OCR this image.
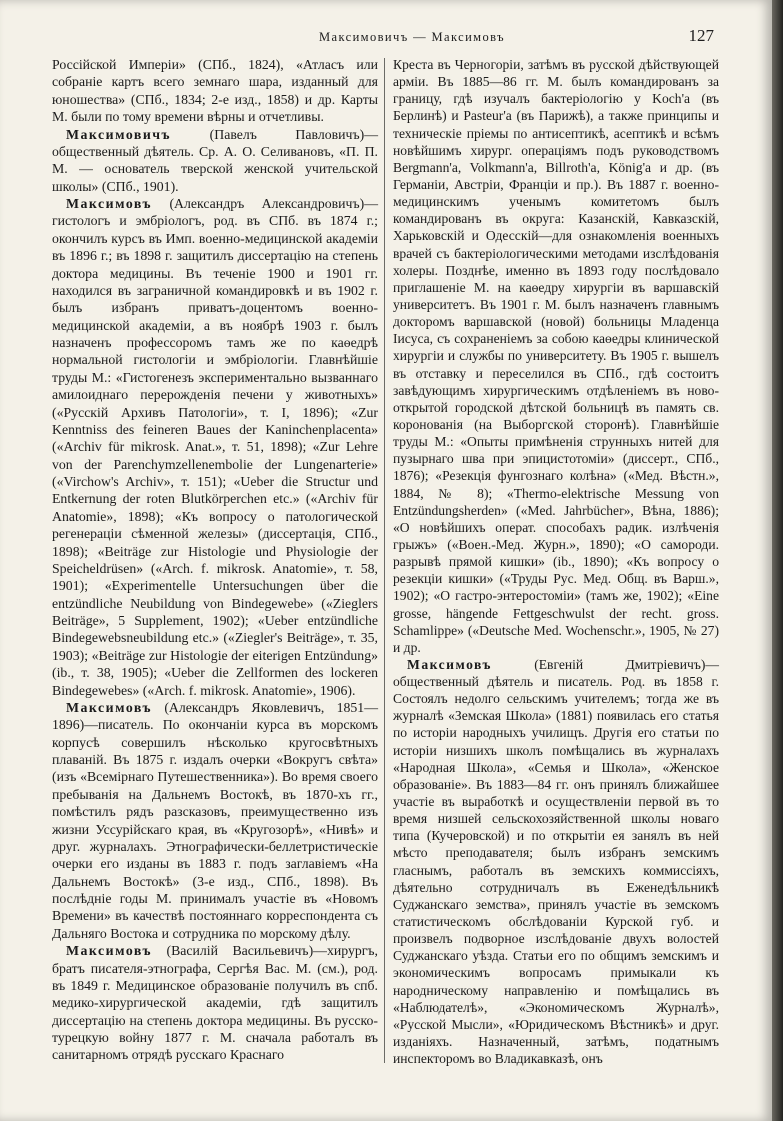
Максимовичъ — Максимовъ	127

Россійской Имперіи» (СПб., 1824), «Атласъ или собраніе картъ всего земнаго шара, изданный для юношества» (СПб., 1834; 2-е изд., 1858) и др. Карты М. были по тому времени вѣрны и отчетливы.

Максимовичъ (Павелъ Павловичъ)—общественный дѣятель. Ср. А. О. Селивановъ, «П. П. М. — основатель тверской женской учительской школы» (СПб., 1901).

Максимовъ (Александръ Александровичъ)—гистологъ и эмбріологъ, род. въ СПб. въ 1874 г.; окончилъ курсъ въ Имп. военно-медицинской академіи въ 1896 г.; въ 1898 г. защитилъ диссертацію на степень доктора медицины. Въ теченіе 1900 и 1901 гг. находился въ заграничной командировкѣ и въ 1902 г. былъ избранъ приватъ-доцентомъ военно-медицинской академіи, а въ ноябрѣ 1903 г. былъ назначенъ профессоромъ тамъ же по каѳедрѣ нормальной гистологіи и эмбріологіи. Главнѣйшіе труды М.: «Гистогенезъ экспериментально вызваннаго амилоиднаго перерожденія печени у животныхъ» («Русскій Архивъ Патологіи», т. I, 1896); «Zur Kenntniss des feineren Baues der Kaninchenplacenta» («Archiv für mikrosk. Anat.», т. 51, 1898); «Zur Lehre von der Parenchymzellenembolie der Lungenarterie» («Virchow's Archiv», т. 151); «Ueber die Structur und Entkernung der roten Blutkörperchen etc.» («Archiv für Anatomie», 1898); «Къ вопросу о патологической регенераціи сѣменной железы» (диссертація, СПб., 1898); «Beiträge zur Histologie und Physiologie der Speicheldrüsen» («Arch. f. mikrosk. Anatomie», т. 58, 1901); «Experimentelle Untersuchungen über die entzündliche Neubildung von Bindegewebe» («Zieglers Beiträge», 5 Supplement, 1902); «Ueber entzündliche Bindegewebsneubildung etc.» («Ziegler's Beiträge», т. 35, 1903); «Beiträge zur Histologie der eiterigen Entzündung» (ib., т. 38, 1905); «Ueber die Zellformen des lockeren Bindegewebes» («Arch. f. mikrosk. Anatomie», 1906).

Максимовъ (Александръ Яковлевичъ, 1851—1896)—писатель. По окончаніи курса въ морскомъ корпусѣ совершилъ нѣсколько кругосвѣтныхъ плаваній. Въ 1875 г. издалъ очерки «Вокругъ свѣта» (изъ «Всемірнаго Путешественника»). Во время своего пребыванія на Дальнемъ Востокѣ, въ 1870-хъ гг., помѣстилъ рядъ разсказовъ, преимущественно изъ жизни Уссурійскаго края, въ «Кругозорѣ», «Нивѣ» и друг. журналахъ. Этнографически-беллетристическіе очерки его изданы въ 1883 г. подъ заглавіемъ «На Дальнемъ Востокѣ» (3-е изд., СПб., 1898). Въ послѣдніе годы М. принималъ участіе въ «Новомъ Времени» въ качествѣ постояннаго корреспондента съ Дальняго Востока и сотрудника по морскому дѣлу.

Максимовъ (Василій Васильевичъ)—хирургъ, братъ писателя-этнографа, Сергѣя Вас. М. (см.), род. въ 1849 г. Медицинское образованіе получилъ въ спб. медико-хирургической академіи, гдѣ защитилъ диссертацію на степень доктора медицины. Въ русско-турецкую войну 1877 г. М. сначала работалъ въ санитарномъ отрядѣ русскаго Краснаго

Креста въ Черногоріи, затѣмъ въ русской дѣйствующей арміи. Въ 1885—86 гг. М. былъ командированъ за границу, гдѣ изучалъ бактеріологію у Koch'a (въ Берлинѣ) и Pasteur'a (въ Парижѣ), а также принципы и техническіе пріемы по антисептикѣ, асептикѣ и всѣмъ новѣйшимъ хирург. операціямъ подъ руководствомъ Bergmann'a, Volkmann'a, Billroth'a, König'a и др. (въ Германіи, Австріи, Франціи и пр.). Въ 1887 г. военно-медицинскимъ ученымъ комитетомъ былъ командированъ въ округа: Казанскій, Кавказскій, Харьковскій и Одесскій—для ознакомленія военныхъ врачей съ бактеріологическими методами изслѣдованія холеры. Позднѣе, именно въ 1893 году послѣдовало приглашеніе М. на каѳедру хирургіи въ варшавскій университетъ. Въ 1901 г. М. былъ назначенъ главнымъ докторомъ варшавской (новой) больницы Младенца Іисуса, съ сохраненіемъ за собою каѳедры клинической хирургіи и службы по университету. Въ 1905 г. вышелъ въ отставку и переселился въ СПб., гдѣ состоитъ завѣдующимъ хирургическимъ отдѣленіемъ въ ново-открытой городской дѣтской больницѣ въ память св. коронованія (на Выборгской сторонѣ). Главнѣйшіе труды М.: «Опыты примѣненія струнныхъ нитей для пузырнаго шва при эпицистотоміи» (диссерт., СПб., 1876); «Резекція фунгознаго колѣна» («Мед. Вѣстн.», 1884, № 8); «Thermo-elektrische Messung von Entzündungsherden» («Med. Jahrbücher», Вѣна, 1886); «О новѣйшихъ операт. способахъ радик. излѣченія грыжъ» («Воен.-Мед. Журн.», 1890); «О самороди. разрывѣ прямой кишки» (ib., 1890); «Къ вопросу о резекціи кишки» («Труды Рус. Мед. Общ. въ Варш.», 1902); «О гастро-энтеростоміи» (тамъ же, 1902); «Eine grosse, hängende Fettgeschwulst der recht. gross. Schamlippe» («Deutsche Med. Wochenschr.», 1905, № 27) и др.

Максимовъ (Евгеній Дмитріевичъ)—общественный дѣятель и писатель. Род. въ 1858 г. Состоялъ недолго сельскимъ учителемъ; тогда же въ журналѣ «Земская Школа» (1881) появилась его статья по исторіи народныхъ училищъ. Другія его статьи по исторіи низшихъ школъ помѣщались въ журналахъ «Народная Школа», «Семья и Школа», «Женское образованіе». Въ 1883—84 гг. онъ принялъ ближайшее участіе въ выработкѣ и осуществленіи первой въ то время низшей сельскохозяйственной школы новаго типа (Кучеровской) и по открытіи ея занялъ въ ней мѣсто преподавателя; былъ избранъ земскимъ гласнымъ, работалъ въ земскихъ коммиссіяхъ, дѣятельно сотрудничалъ въ Еженедѣльникѣ Суджанскаго земства», принялъ участіе въ земскомъ статистическомъ обслѣдованіи Курской губ. и произвелъ подворное изслѣдованіе двухъ волостей Суджанскаго уѣзда. Статьи его по общимъ земскимъ и экономическимъ вопросамъ примыкали къ народническому направленію и помѣщались въ «Наблюдателѣ», «Экономическомъ Журналѣ», «Русской Мысли», «Юридическомъ Вѣстникѣ» и друг. изданіяхъ. Назначенный, затѣмъ, податнымъ инспекторомъ во Владикавказѣ, онъ
